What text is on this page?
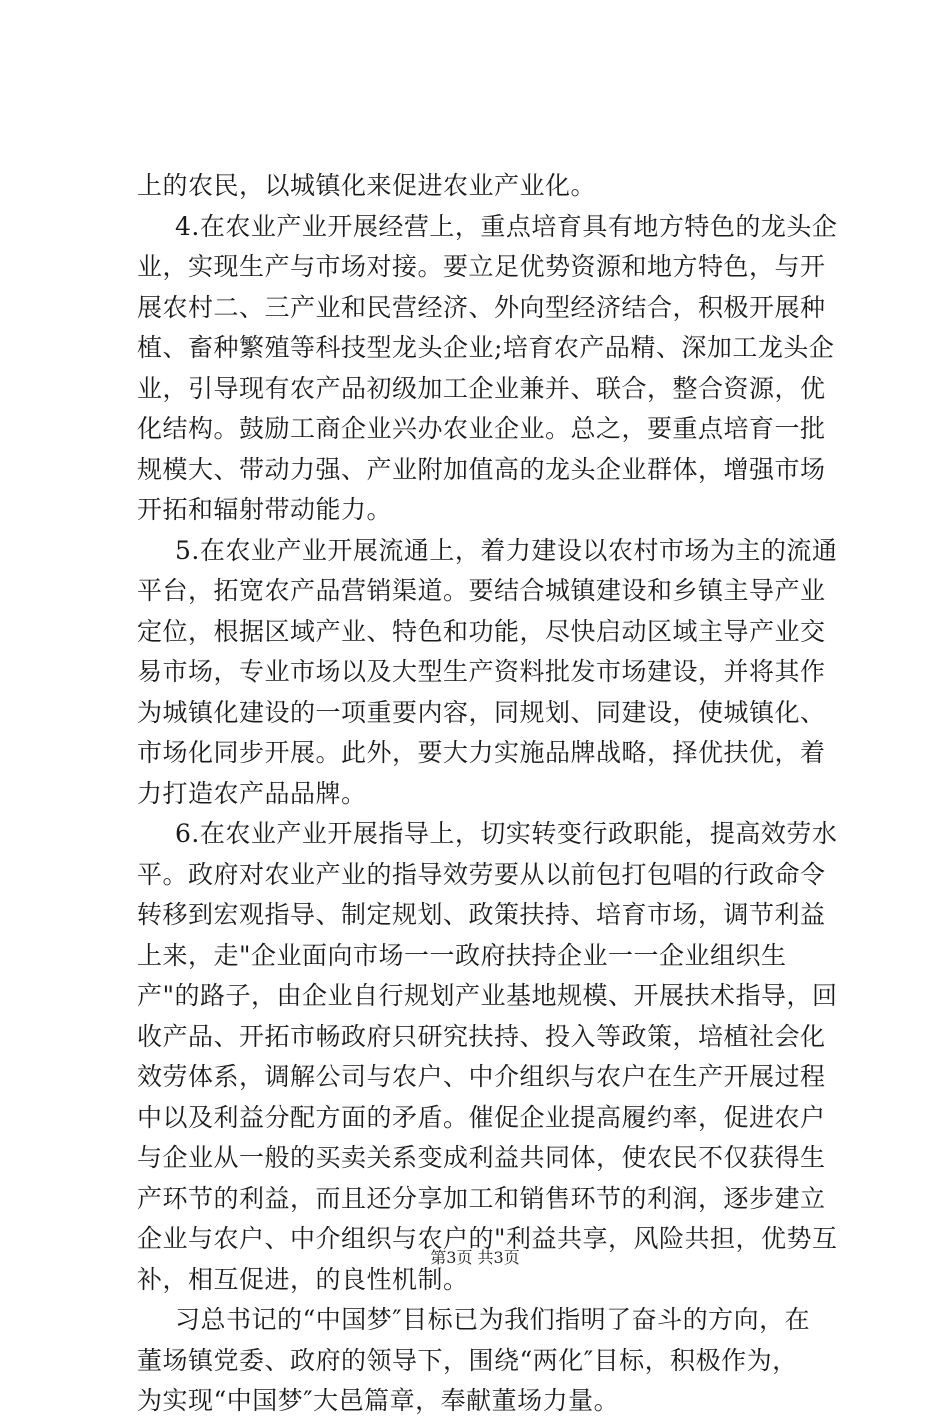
上的农民，以城镇化来促进农业产业化。
4.在农业产业开展经营上，重点培育具有地方特色的龙头企
业，实现生产与市场对接。要立足优势资源和地方特色，与开
展农村二、三产业和民营经济、外向型经济结合，积极开展种
植、畜种繁殖等科技型龙头企业;培育农产品精、深加工龙头企
业，引导现有农产品初级加工企业兼并、联合，整合资源，优
化结构。鼓励工商企业兴办农业企业。总之，要重点培育一批
规模大、带动力强、产业附加值高的龙头企业群体，增强市场
开拓和辐射带动能力。
5.在农业产业开展流通上，着力建设以农村市场为主的流通
平台，拓宽农产品营销渠道。要结合城镇建设和乡镇主导产业
定位，根据区域产业、特色和功能，尽快启动区域主导产业交
易市场，专业市场以及大型生产资料批发市场建设，并将其作
为城镇化建设的一项重要内容，同规划、同建设，使城镇化、
市场化同步开展。此外，要大力实施品牌战略，择优扶优，着
力打造农产品品牌。
6.在农业产业开展指导上，切实转变行政职能，提高效劳水
平。政府对农业产业的指导效劳要从以前包打包唱的行政命令
转移到宏观指导、制定规划、政策扶持、培育市场，调节利益
上来，走"企业面向市场一一政府扶持企业一一企业组织生
产"的路子，由企业自行规划产业基地规模、开展扶术指导，回
收产品、开拓市畅政府只研究扶持、投入等政策，培植社会化
效劳体系，调解公司与农户、中介组织与农户在生产开展过程
中以及利益分配方面的矛盾。催促企业提高履约率，促进农户
与企业从一般的买卖关系变成利益共同体，使农民不仅获得生
产环节的利益，而且还分享加工和销售环节的利润，逐步建立
企业与农户、中介组织与农户的"利益共享，风险共担，优势互
补，相互促进，的良性机制。
习总书记的“中国梦″目标已为我们指明了奋斗的方向，在
董场镇党委、政府的领导下，围绕“两化″目标，积极作为，
为实现“中国梦″大邑篇章，奉献董场力量。
第3页 共3页
